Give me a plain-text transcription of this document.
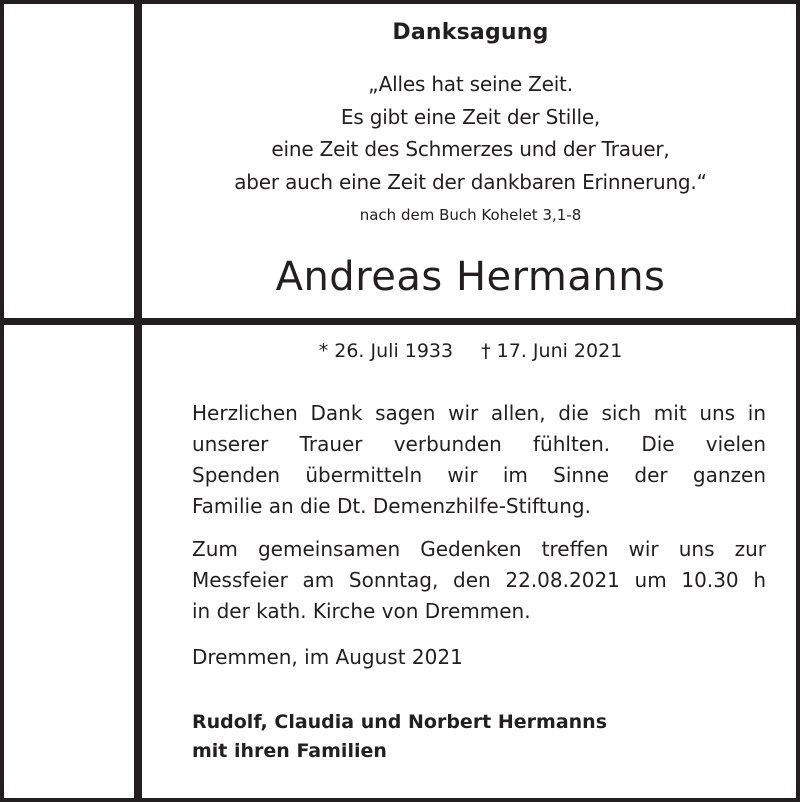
Danksagung
„Alles hat seine Zeit.
Es gibt eine Zeit der Stille,
eine Zeit des Schmerzes und der Trauer,
aber auch eine Zeit der dankbaren Erinnerung.“
nach dem Buch Kohelet 3,1-8
Andreas Hermanns
* 26. Juli 1933 † 17. Juni 2021
Herzlichen Dank sagen wir allen, die sich mit uns in
unserer Trauer verbunden fühlten. Die vielen
Spenden übermitteln wir im Sinne der ganzen
Familie an die Dt. Demenzhilfe-Stiftung.
Zum gemeinsamen Gedenken treffen wir uns zur
Messfeier am Sonntag, den 22.08.2021 um 10.30 h
in der kath. Kirche von Dremmen.
Dremmen, im August 2021
Rudolf, Claudia und Norbert Hermanns
mit ihren Familien
